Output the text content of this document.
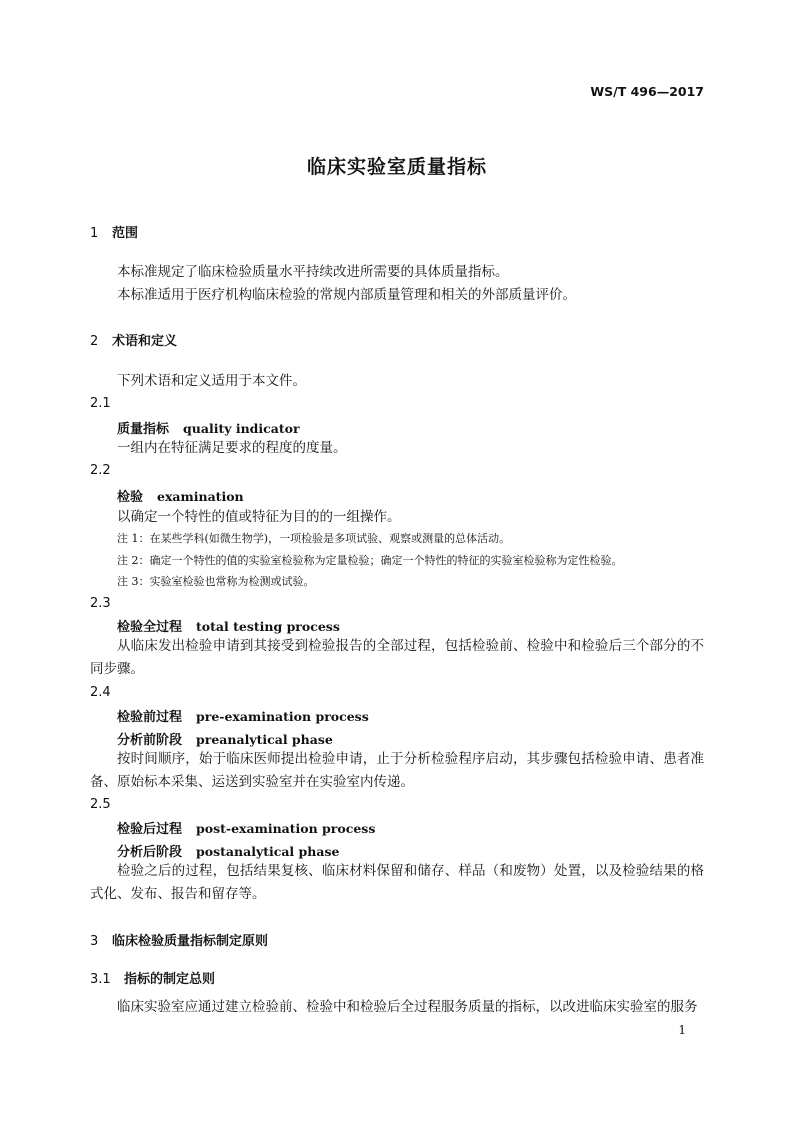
WS/T 496—2017
临床实验室质量指标
1 范围
本标准规定了临床检验质量水平持续改进所需要的具体质量指标。
本标准适用于医疗机构临床检验的常规内部质量管理和相关的外部质量评价。
2 术语和定义
下列术语和定义适用于本文件。
2.1
质量指标 quality indicator
一组内在特征满足要求的程度的度量。
2.2
检验 examination
以确定一个特性的值或特征为目的的一组操作。
注 1：在某些学科(如微生物学)，一项检验是多项试验、观察或测量的总体活动。
注 2：确定一个特性的值的实验室检验称为定量检验；确定一个特性的特征的实验室检验称为定性检验。
注 3：实验室检验也常称为检测或试验。
2.3
检验全过程 total testing process
从临床发出检验申请到其接受到检验报告的全部过程，包括检验前、检验中和检验后三个部分的不同步骤。
2.4
检验前过程 pre-examination process
分析前阶段 preanalytical phase
按时间顺序，始于临床医师提出检验申请，止于分析检验程序启动，其步骤包括检验申请、患者准备、原始标本采集、运送到实验室并在实验室内传递。
2.5
检验后过程 post-examination process
分析后阶段 postanalytical phase
检验之后的过程，包括结果复核、临床材料保留和储存、样品（和废物）处置，以及检验结果的格式化、发布、报告和留存等。
3 临床检验质量指标制定原则
3.1 指标的制定总则
临床实验室应通过建立检验前、检验中和检验后全过程服务质量的指标，以改进临床实验室的服务
1
